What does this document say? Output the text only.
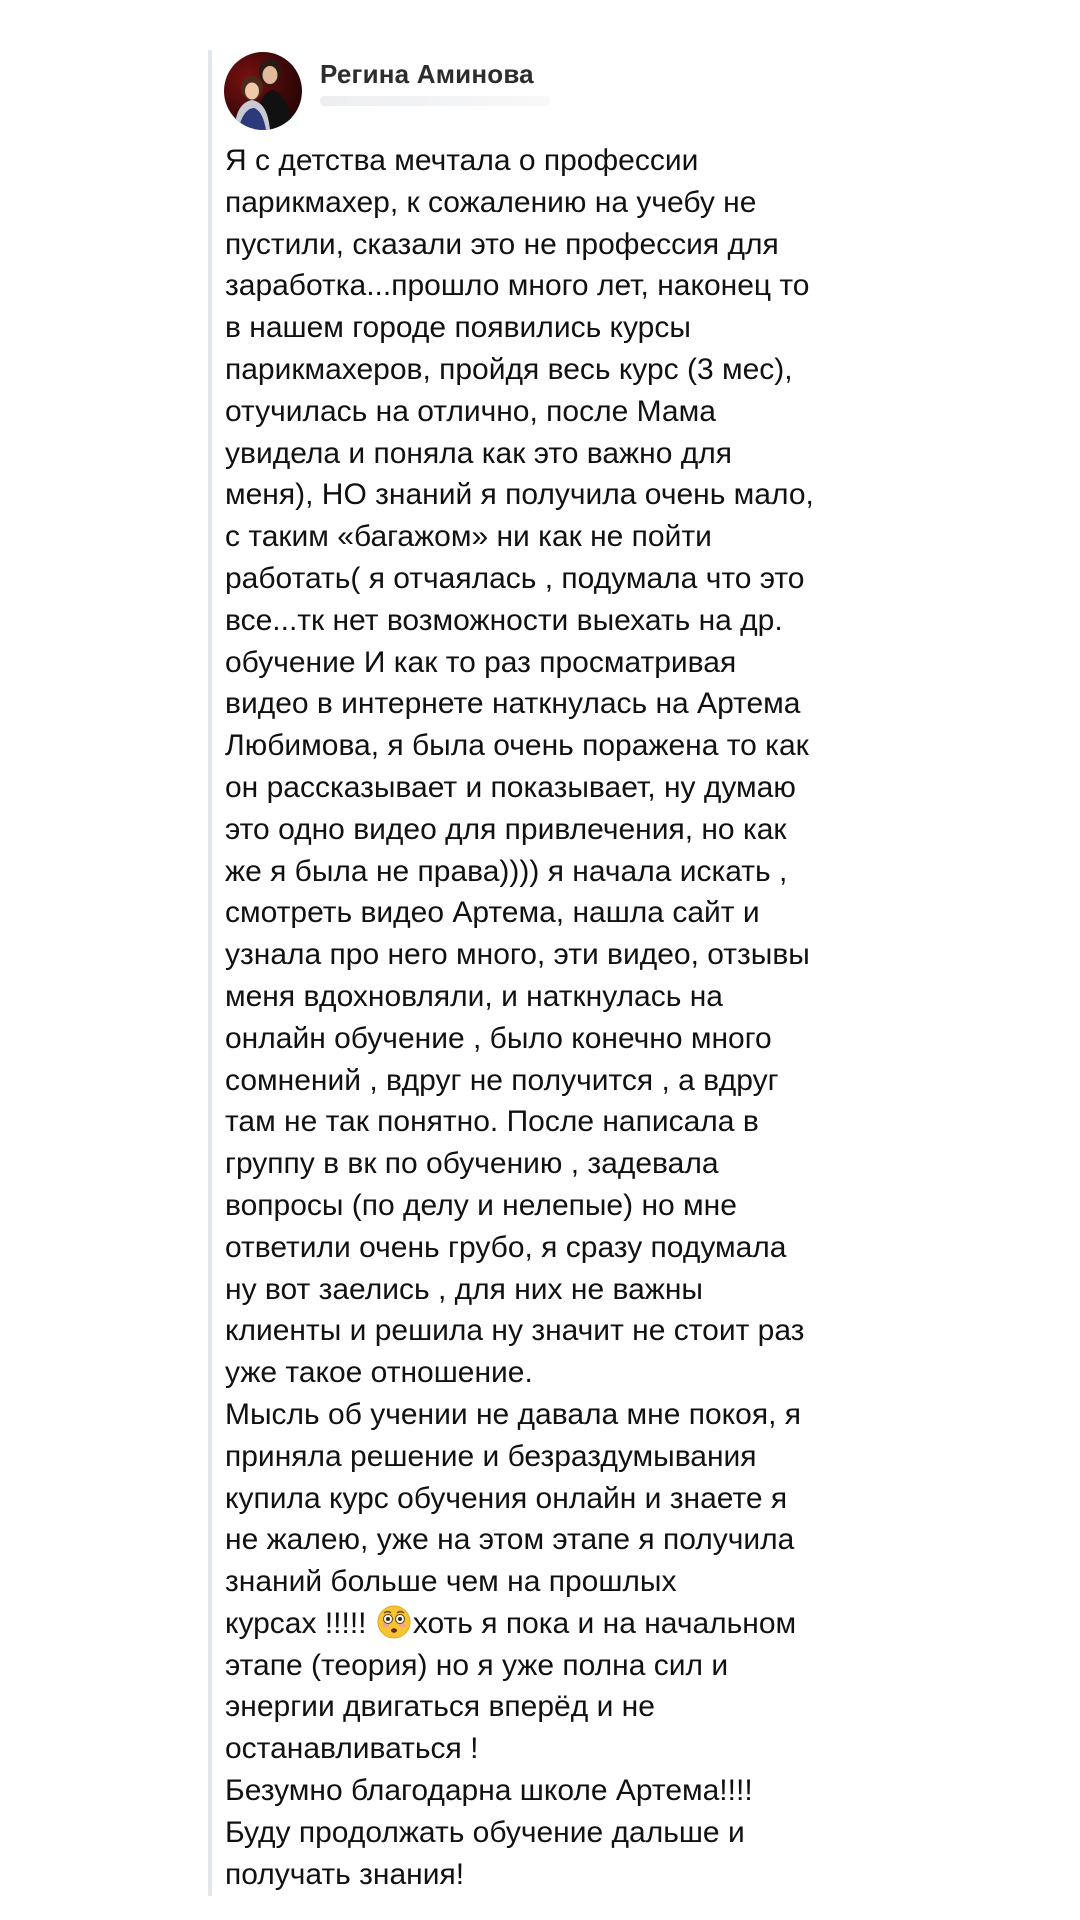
Регина Аминова
Я с детства мечтала о профессии
парикмахер, к сожалению на учебу не
пустили, сказали это не профессия для
заработка...прошло много лет, наконец то
в нашем городе появились курсы
парикмахеров, пройдя весь курс (3 мес),
отучилась на отлично, после Мама
увидела и поняла как это важно для
меня), НО знаний я получила очень мало,
с таким «багажом» ни как не пойти
работать( я отчаялась , подумала что это
все...тк нет возможности выехать на др.
обучение И как то раз просматривая
видео в интернете наткнулась на Артема
Любимова, я была очень поражена то как
он рассказывает и показывает, ну думаю
это одно видео для привлечения, но как
же я была не права)))) я начала искать ,
смотреть видео Артема, нашла сайт и
узнала про него много, эти видео, отзывы
меня вдохновляли, и наткнулась на
онлайн обучение , было конечно много
сомнений , вдруг не получится , а вдруг
там не так понятно. После написала в
группу в вк по обучению , задевала
вопросы (по делу и нелепые) но мне
ответили очень грубо, я сразу подумала
ну вот заелись , для них не важны
клиенты и решила ну значит не стоит раз
уже такое отношение.
Мысль об учении не давала мне покоя, я
приняла решение и безраздумывания
купила курс обучения онлайн и знаете я
не жалею, уже на этом этапе я получила
знаний больше чем на прошлых
курсах !!!!! хоть я пока и на начальном
этапе (теория) но я уже полна сил и
энергии двигаться вперёд и не
останавливаться !
Безумно благодарна школе Артема!!!!
Буду продолжать обучение дальше и
получать знания!
